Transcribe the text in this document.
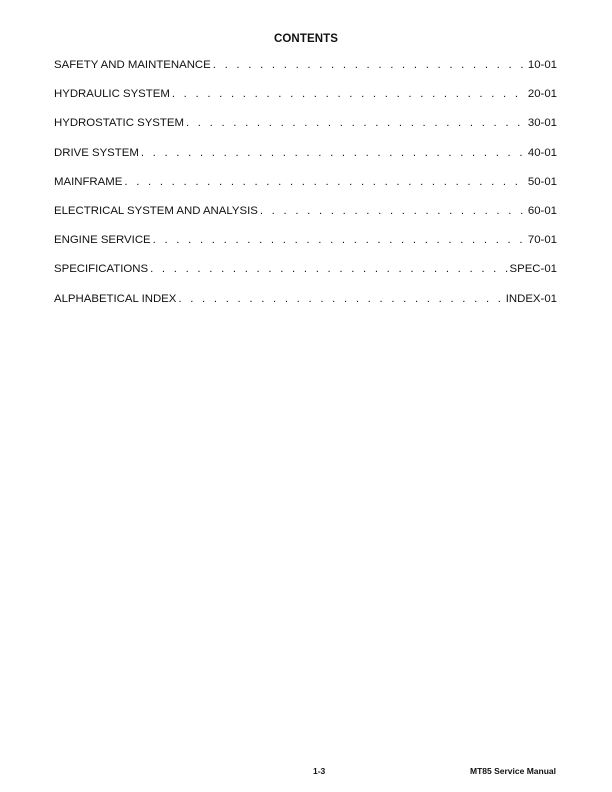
CONTENTS
SAFETY AND MAINTENANCE . . .	10-01
HYDRAULIC SYSTEM . . .	20-01
HYDROSTATIC SYSTEM . . .	30-01
DRIVE SYSTEM . . .	40-01
MAINFRAME . . .	50-01
ELECTRICAL SYSTEM AND ANALYSIS . . .	60-01
ENGINE SERVICE . . .	70-01
SPECIFICATIONS . . .	SPEC-01
ALPHABETICAL INDEX . . .	INDEX-01
1-3	MT85 Service Manual
